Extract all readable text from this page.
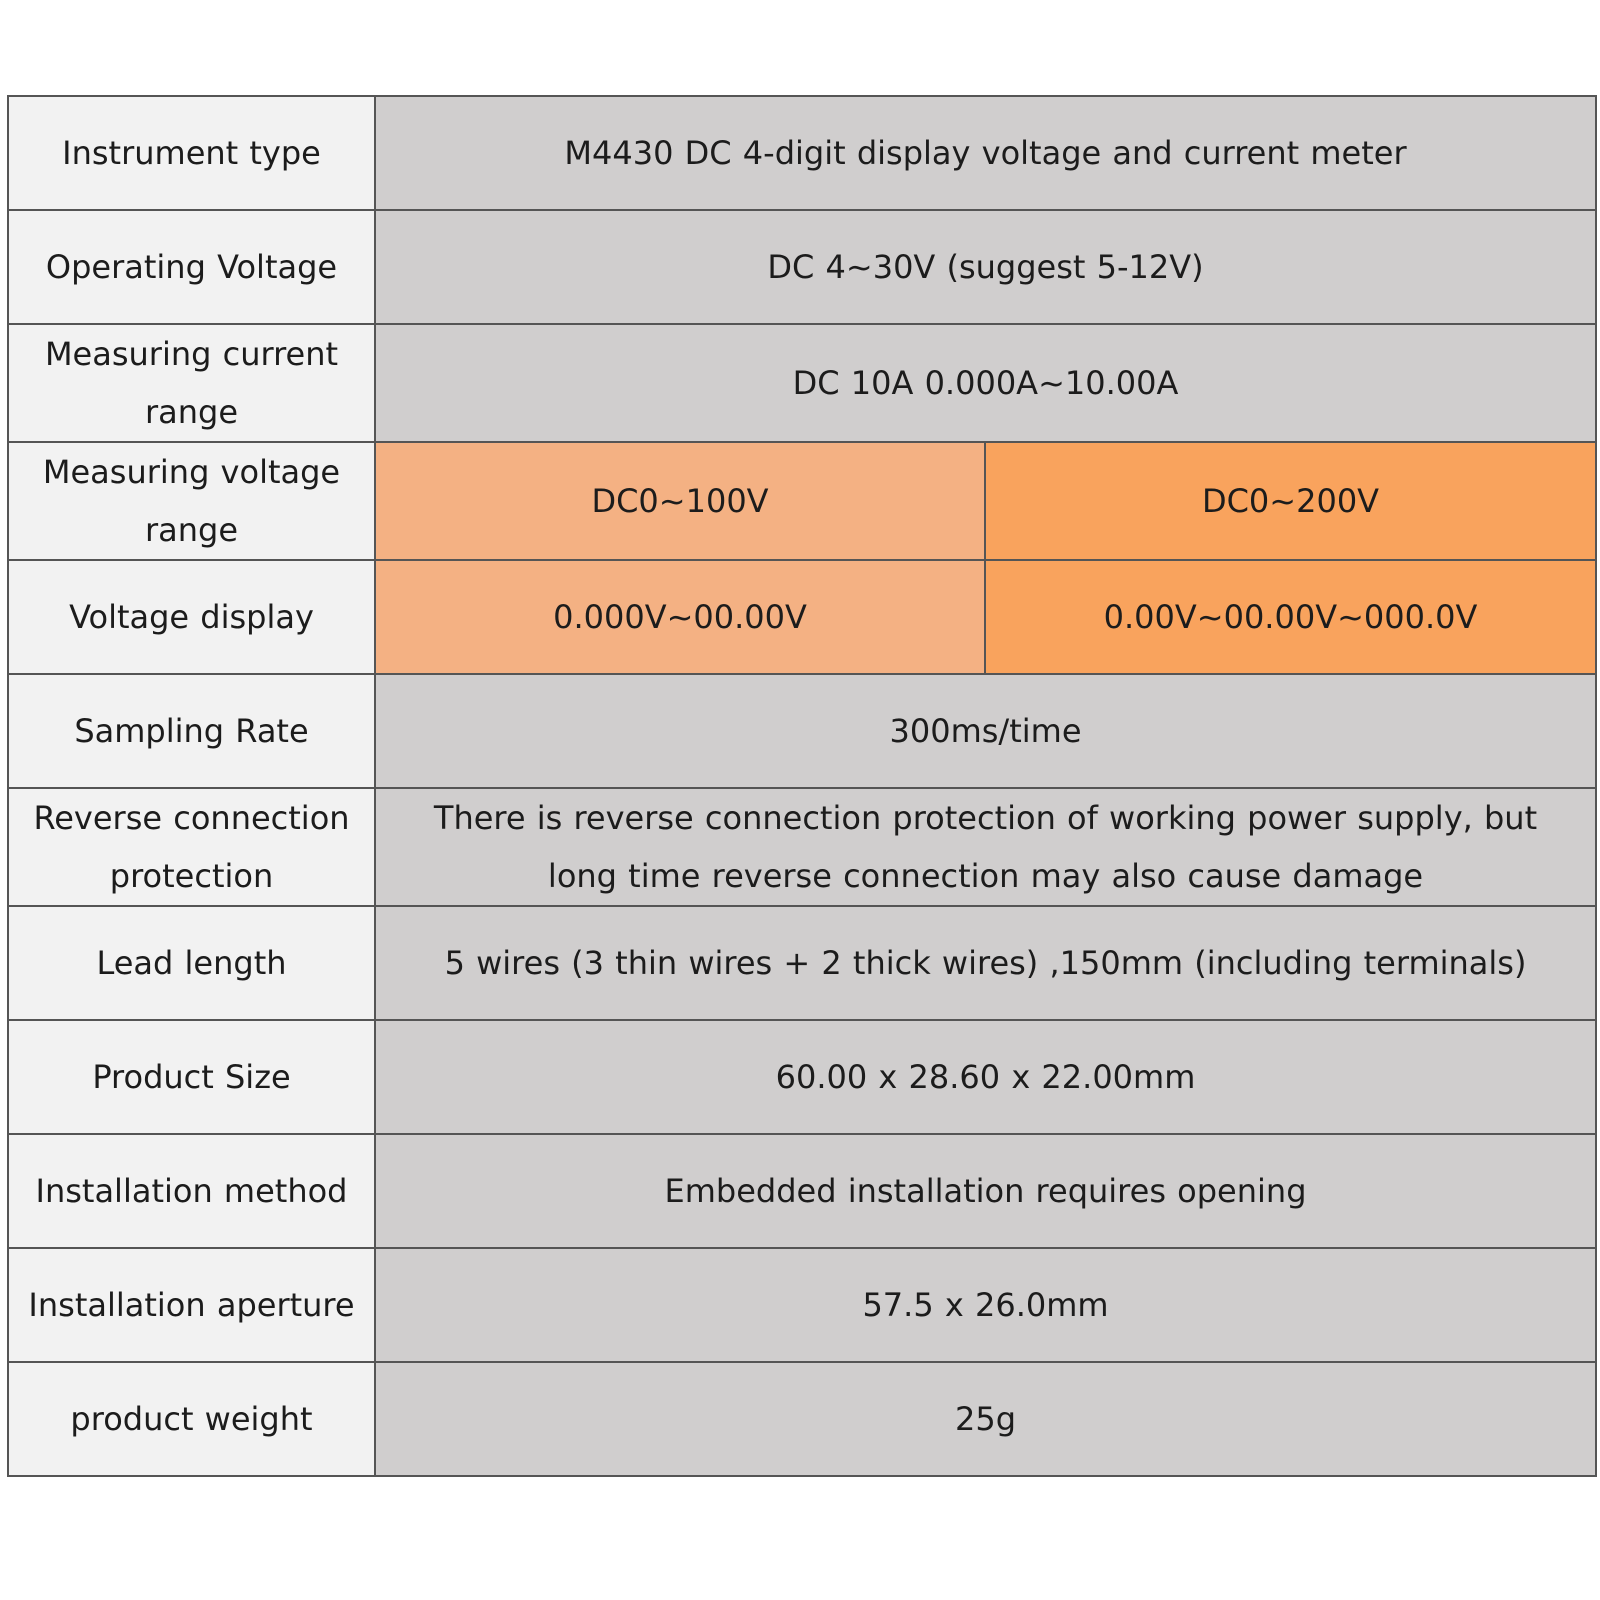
Instrument type	M4430 DC 4-digit display voltage and current meter	
Operating Voltage	DC 4~30V (suggest 5-12V)	
Measuring current range	DC 10A 0.000A~10.00A	
Measuring voltage range	DC0~100V	DC0~200V
Voltage display	0.000V~00.00V	0.00V~00.00V~000.0V
Sampling Rate	300ms/time	
Reverse connection protection	There is reverse connection protection of working power supply, but long time reverse connection may also cause damage	
Lead length	5 wires (3 thin wires + 2 thick wires) ,150mm (including terminals)	
Product Size	60.00 x 28.60 x 22.00mm	
Installation method	Embedded installation requires opening	
Installation aperture	57.5 x 26.0mm	
product weight	25g	
